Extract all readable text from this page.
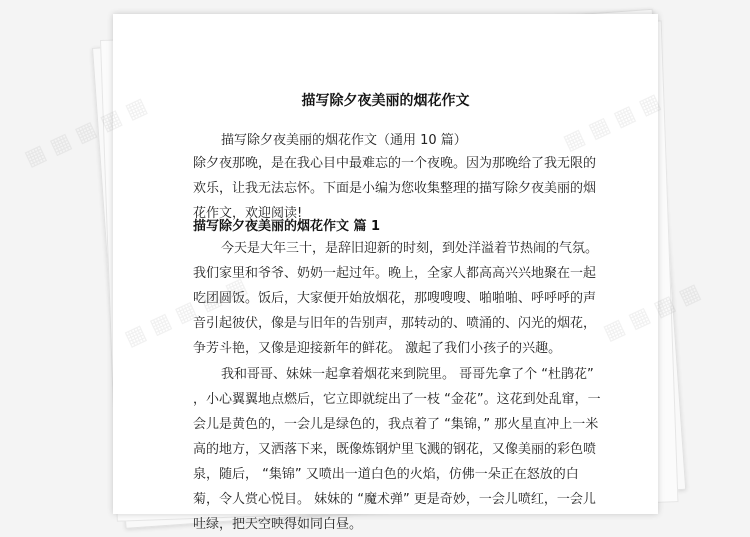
描写除夕夜美丽的烟花作文
描写除夕夜美丽的烟花作文（通用 10 篇）
除夕夜那晚，是在我心目中最难忘的一个夜晚。因为那晚给了我无限的欢乐，让我无法忘怀。下面是小编为您收集整理的描写除夕夜美丽的烟花作文，欢迎阅读!
描写除夕夜美丽的烟花作文 篇 1
今天是大年三十，是辞旧迎新的时刻，到处洋溢着节热闹的气氛。我们家里和爷爷、奶奶一起过年。晚上，全家人都高高兴兴地聚在一起吃团圆饭。饭后，大家便开始放烟花，那嗖嗖嗖、啪啪啪、呼呼呼的声音引起彼伏，像是与旧年的告别声，那转动的、喷涌的、闪光的烟花，争芳斗艳，又像是迎接新年的鲜花。 激起了我们小孩子的兴趣。
我和哥哥、妹妹一起拿着烟花来到院里。 哥哥先拿了个 “杜鹃花” ，小心翼翼地点燃后，它立即就绽出了一枝 “金花”。这花到处乱窜，一会儿是黄色的，一会儿是绿色的，我点着了 “集锦，” 那火星直冲上一米高的地方，又洒落下来，既像炼钢炉里飞溅的钢花，又像美丽的彩色喷泉，随后， “集锦” 又喷出一道白色的火焰，仿佛一朵正在怒放的白菊，令人赏心悦目。 妹妹的 “魔术弹” 更是奇妙，一会儿喷红，一会儿吐绿，把天空映得如同白昼。
▦ ▦ ▦ ▦ ▦
▦
